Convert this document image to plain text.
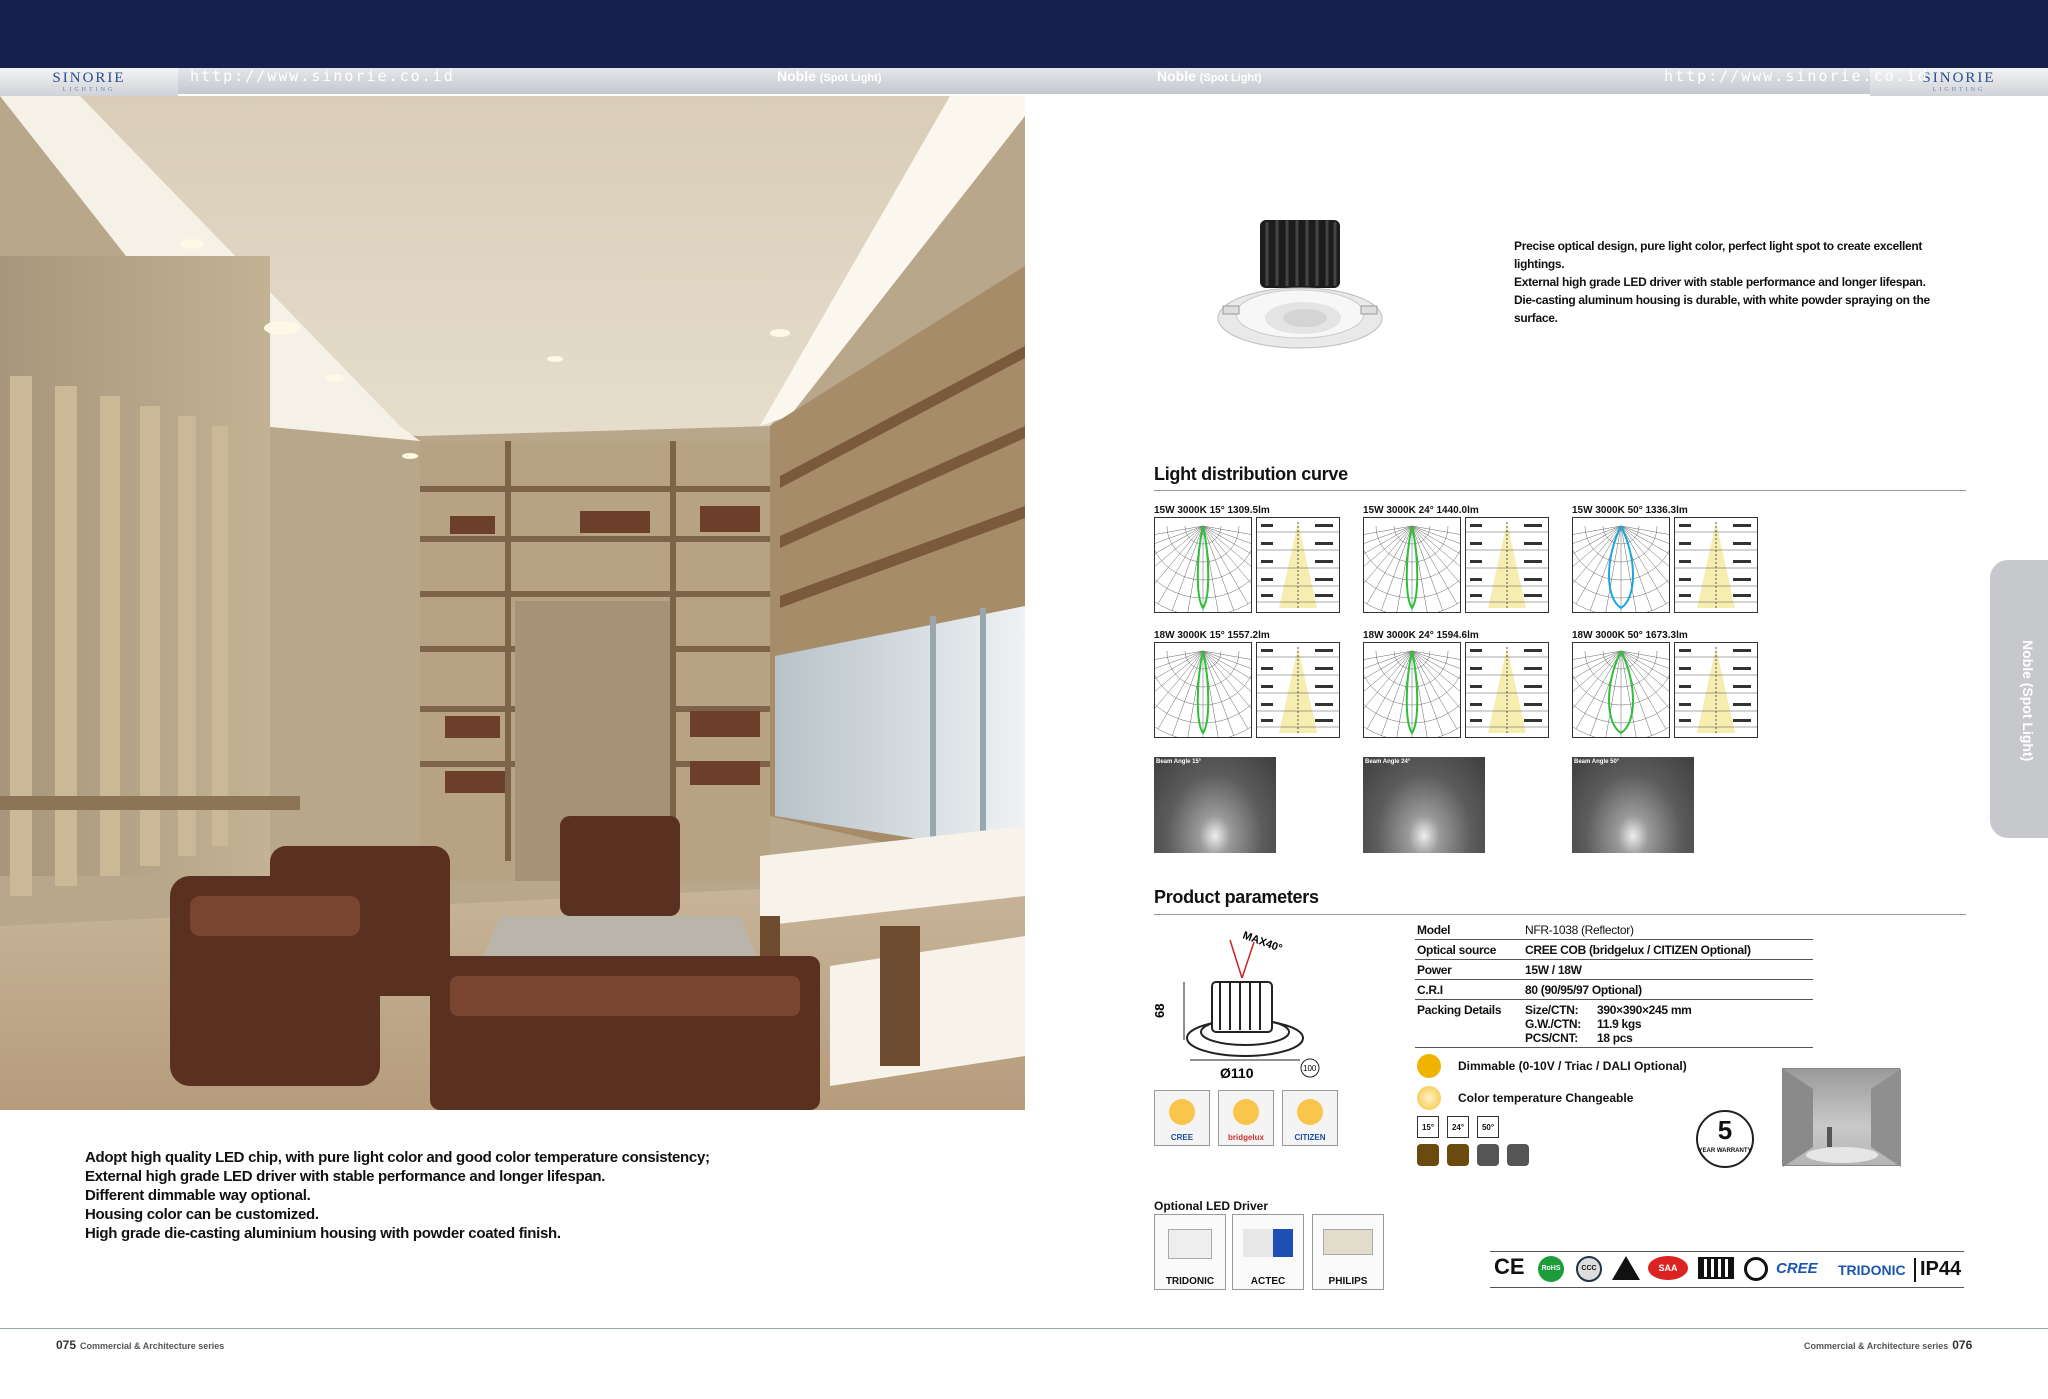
SINORIE
LIGHTING
SINORIE
LIGHTING
http://www.sinorie.co.id	http://www.sinorie.co.id
Noble (Spot Light)	Noble (Spot Light)
Adopt high quality LED chip, with pure light color and good color temperature consistency;
External high grade LED driver with stable performance and longer lifespan.
Different dimmable way optional.
Housing color can be customized.
High grade die-casting aluminium housing with powder coated finish.
Precise optical design, pure light color, perfect light spot to create excellent lightings.
External high grade LED driver with stable performance and longer lifespan.
Die-casting aluminum housing is durable, with white powder spraying on the surface.
Light distribution curve
15W 3000K 15° 1309.5lm	15W 3000K 24° 1440.0lm	15W 3000K 50° 1336.3lm
18W 3000K 15° 1557.2lm	18W 3000K 24° 1594.6lm	18W 3000K 50° 1673.3lm
Beam Angle 15°	Beam Angle 24°	Beam Angle 50°
Product parameters
MAX40°
68
Ø110	100
Model	NFR-1038 (Reflector)
Optical source	CREE COB (bridgelux / CITIZEN Optional)
Power	15W / 18W
C.R.I	80 (90/95/97 Optional)
Packing Details	Size/CTN: 390×390×245 mm
G.W./CTN: 11.9 kgs
PCS/CNT: 18 pcs
Dimmable (0-10V / Triac / DALI Optional)
Color temperature Changeable
15°	24°	50°	5
YEAR WARRANTY
CREE	bridgelux	CITIZEN
Optional LED Driver
TRIDONIC	ACTEC	PHILIPS
CE	RoHS	CCC	SAA	CREE TRIDONIC IP44
Noble (Spot Light)
075 Commercial & Architecture series	Commercial & Architecture series 076
